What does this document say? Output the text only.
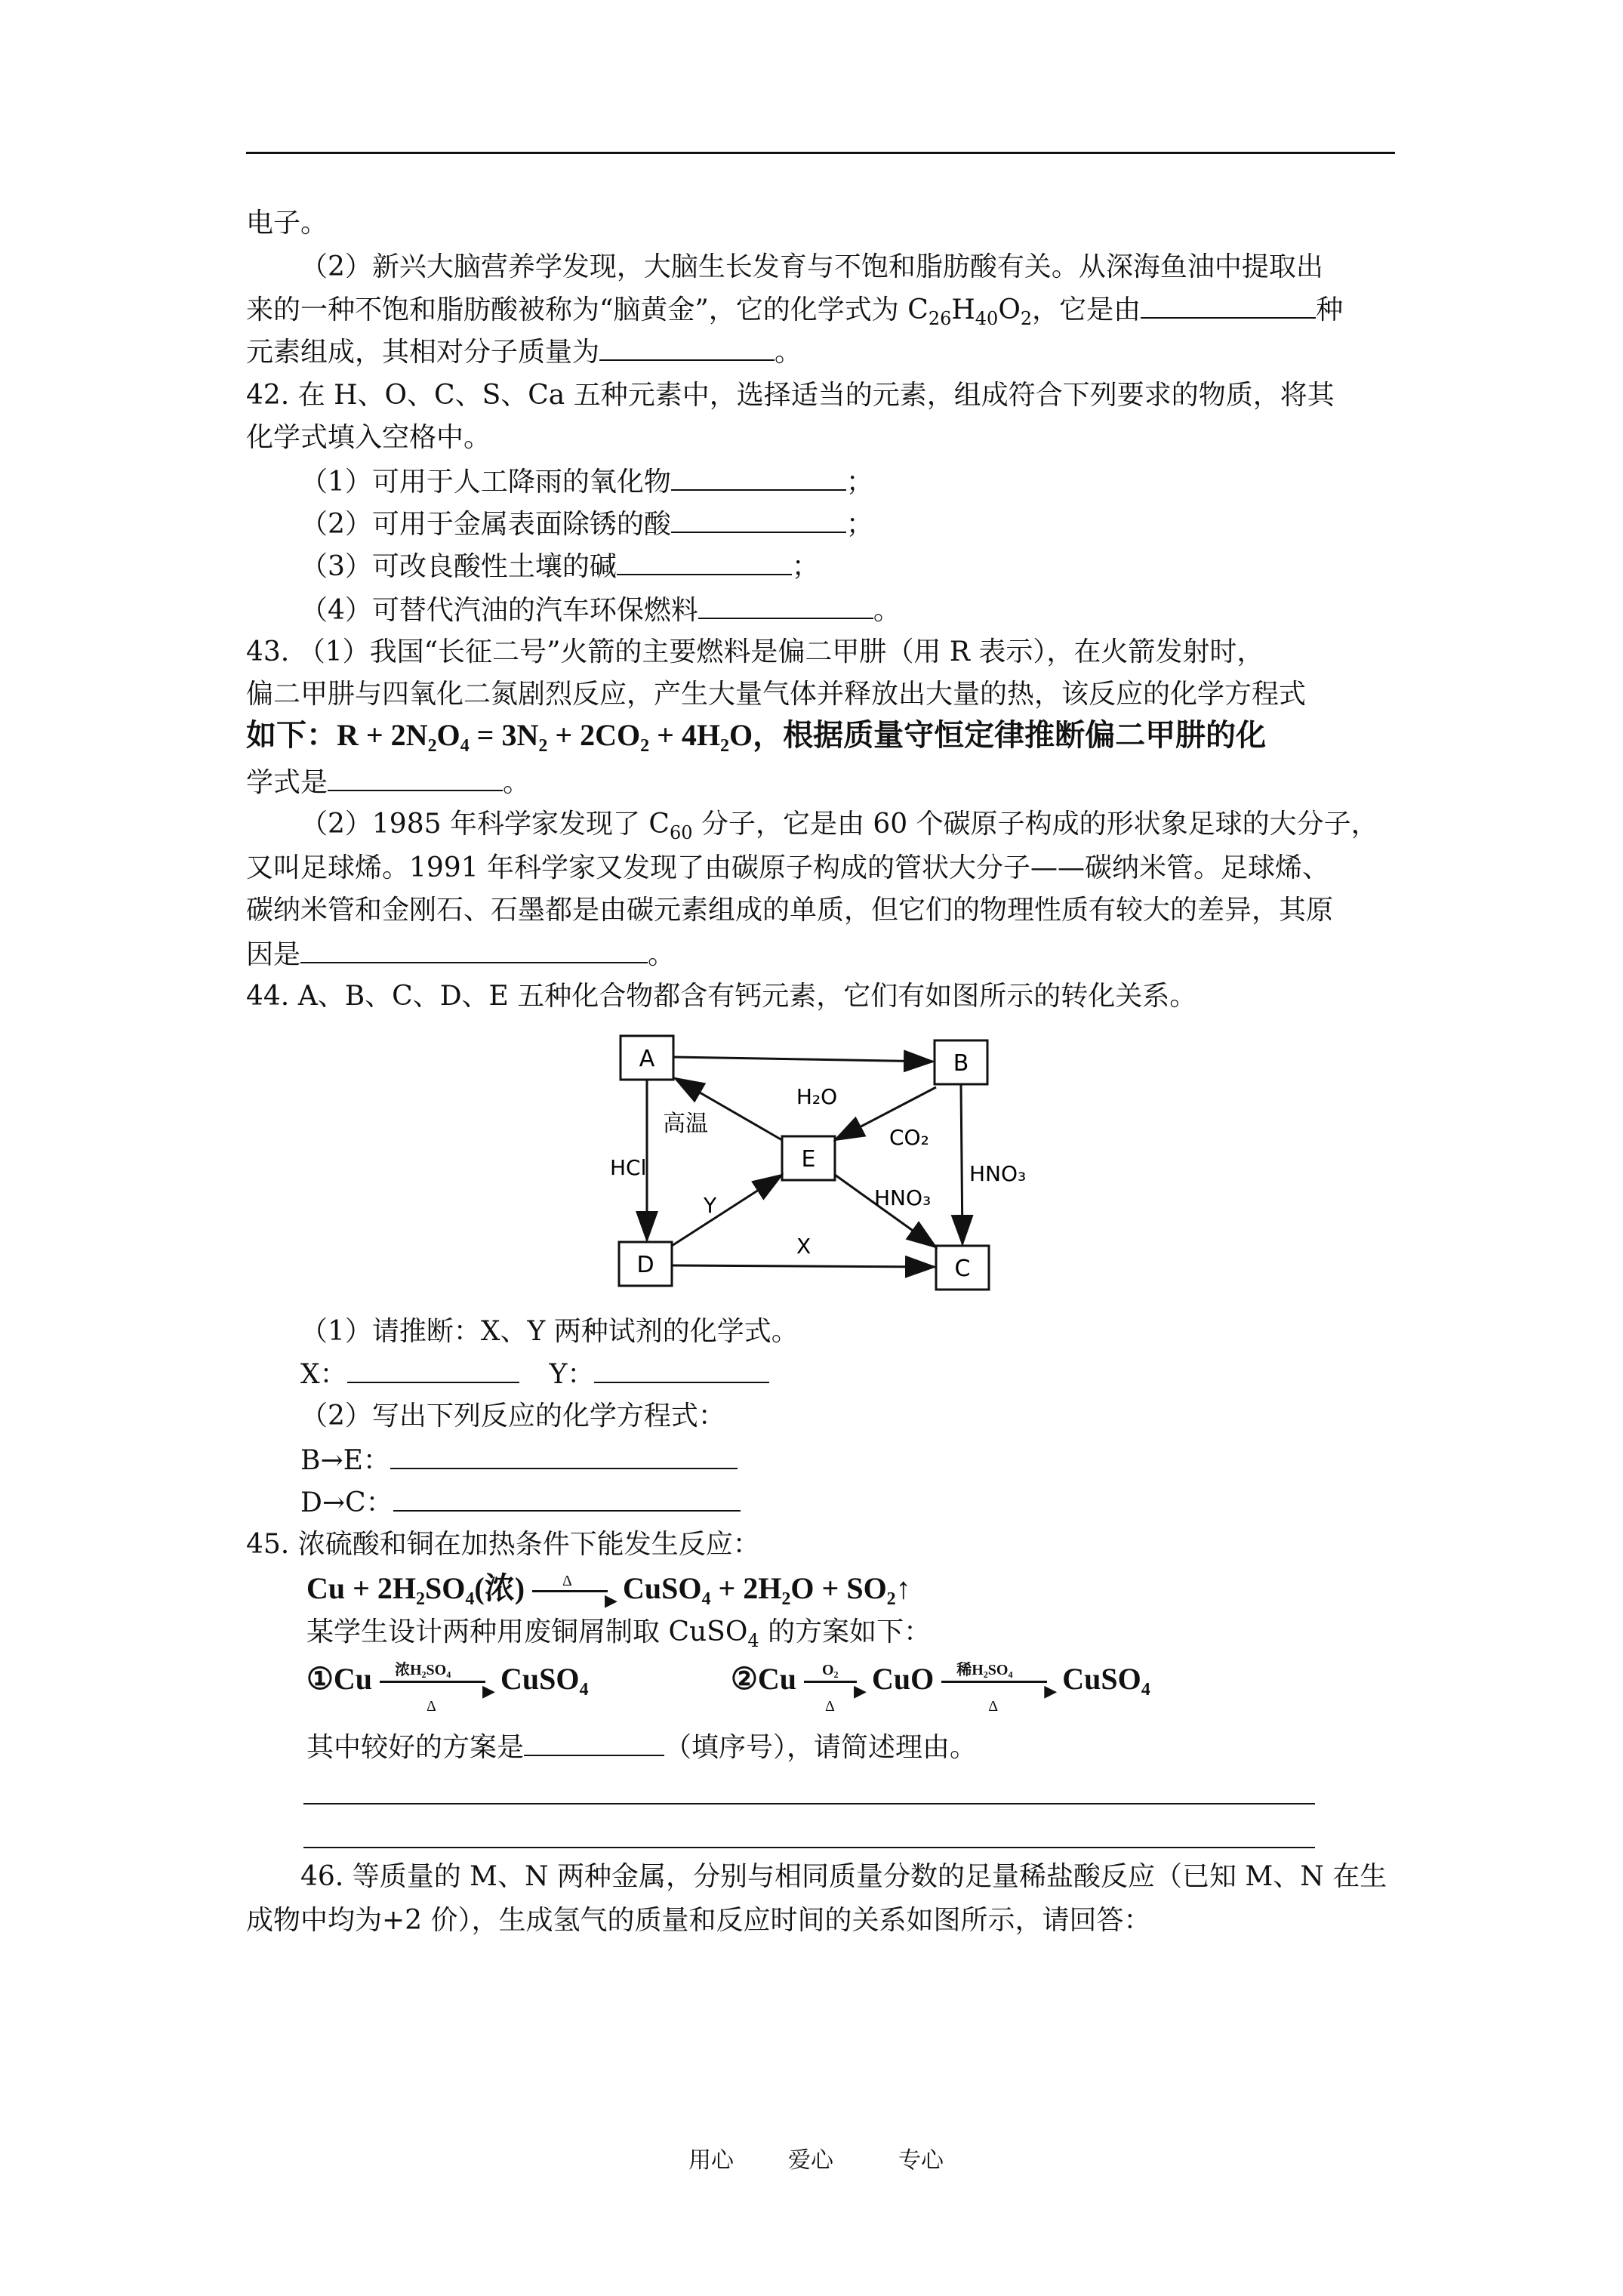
电子。
（2）新兴大脑营养学发现，大脑生长发育与不饱和脂肪酸有关。从深海鱼油中提取出
来的一种不饱和脂肪酸被称为“脑黄金”，它的化学式为 $C_{26}H_{40}O_2$，它是由	种
元素组成，其相对分子质量为	。
42. 在 H、O、C、S、Ca 五种元素中，选择适当的元素，组成符合下列要求的物质，将其
化学式填入空格中。
（1）可用于人工降雨的氧化物	；
（2）可用于金属表面除锈的酸	；
（3）可改良酸性土壤的碱	；
（4）可替代汽油的汽车环保燃料	。
43. （1）我国“长征二号”火箭的主要燃料是偏二甲肼（用 R 表示），在火箭发射时，
偏二甲肼与四氧化二氮剧烈反应，产生大量气体并释放出大量的热，该反应的化学方程式
如下：R + 2N₂O₄ = 3N₂ + 2CO₂ + 4H₂O，根据质量守恒定律推断偏二甲肼的化
学式是	。
（2）1985 年科学家发现了 $C_{60}$ 分子，它是由 60 个碳原子构成的形状象足球的大分子，
又叫足球烯。1991 年科学家又发现了由碳原子构成的管状大分子——碳纳米管。足球烯、
碳纳米管和金刚石、石墨都是由碳元素组成的单质，但它们的物理性质有较大的差异，其原
因是	。
44. A、B、C、D、E 五种化合物都含有钙元素，它们有如图所示的转化关系。
A	B
E
D	C
H₂O
高温
CO₂
HCl	HNO₃
HNO₃
Y
X
（1）请推断：X、Y 两种试剂的化学式。
X：	Y：
（2）写出下列反应的化学方程式：
B→E：
D→C：
45. 浓硫酸和铜在加热条件下能发生反应：
Cu + 2H₂SO₄(浓)	Δ
▶ CuSO₄ + 2H₂O + SO₂↑
某学生设计两种用废铜屑制取 CuSO$_4$ 的方案如下：
①Cu 浓H₂SO₄
▶
Δ
CuSO₄	②Cu O₂
▶
Δ
CuO 稀H₂SO₄
▶
Δ
CuSO₄
其中较好的方案是	（填序号），请简述理由。
46. 等质量的 M、N 两种金属，分别与相同质量分数的足量稀盐酸反应（已知 M、N 在生
成物中均为+2 价），生成氢气的质量和反应时间的关系如图所示，请回答：
用心 爱心	专心
